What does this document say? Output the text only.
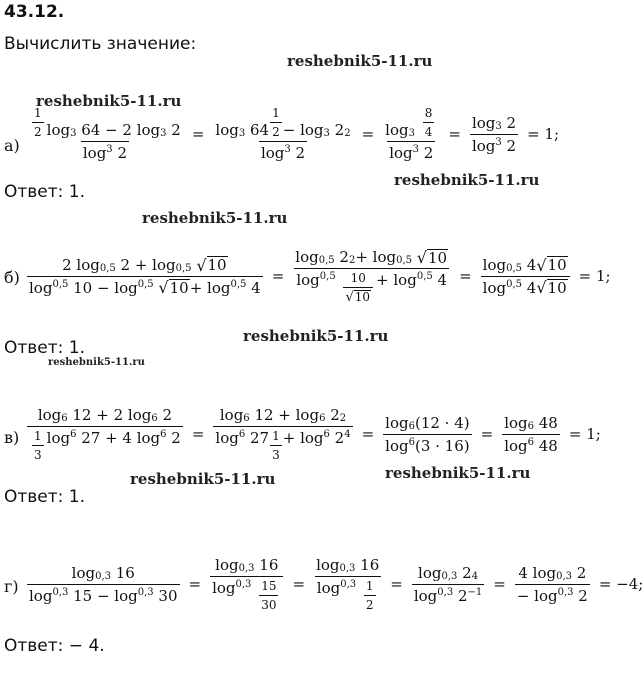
43.12.
Вычислить значение:
reshebnik5-11.ru
reshebnik5-11.ru
reshebnik5-11.ru
reshebnik5-11.ru
reshebnik5-11.ru
reshebnik5-11.ru
reshebnik5-11.ru	reshebnik5-11.ru
$а) \frac{\frac{1}{2} \log 3 64 - 2 \log 3 2}{\log 3 2} = \frac{\log 3 64 \frac{1}{2} - \log 3 2 2}{\log 3 2} = \log 3$
$\frac{8}{4}$
log 3 $2 = \frac{\log 3 2}{\log 3 2} = 1$;
Ответ: 1.
б) 2 log 0,5 2 + log 0,5
√ 10
log 0,5 10 − log 0,5
√ 10 + log 0,5 4 = log 0,5 2 2 + log 0,5
√ 10
log 0,5
$\frac{10}{√ 10} + \log 0,5$ $4 = \frac{\log 0,5 4 √ 10}{\log 0,5 4 √ 10} = 1$;
Ответ: 1.
$в) \frac{\log 6 12 + 2 \log 6 2}{\frac{1}{3} \log 6 27 + 4 \log 6 2} = \frac{\log 6 12 + \log 6 2 2}{\log 6 27 \frac{1}{3} + \log 6 2 4} = \frac{\log 6 (12 \cdot 4)}{\log 6 (3 \cdot 16)} = \frac{\log 6 48}{\log 6 48} = 1$;
Ответ: 1.
$г) \frac{\log 0,3 16}{\log 0,3 15 - \log 0,3 30} = \log 0,3$ 16
log 0,3
$\frac{15}{30} = \log 0,3$ 16
log 0,3
$\frac{1}{2} = \frac{\log 0,3 2 4}{\log 0,3 2 -1} = \frac{4 \log 0,3 2}{- \log 0,3 2} = -4$;
Ответ: − 4.
